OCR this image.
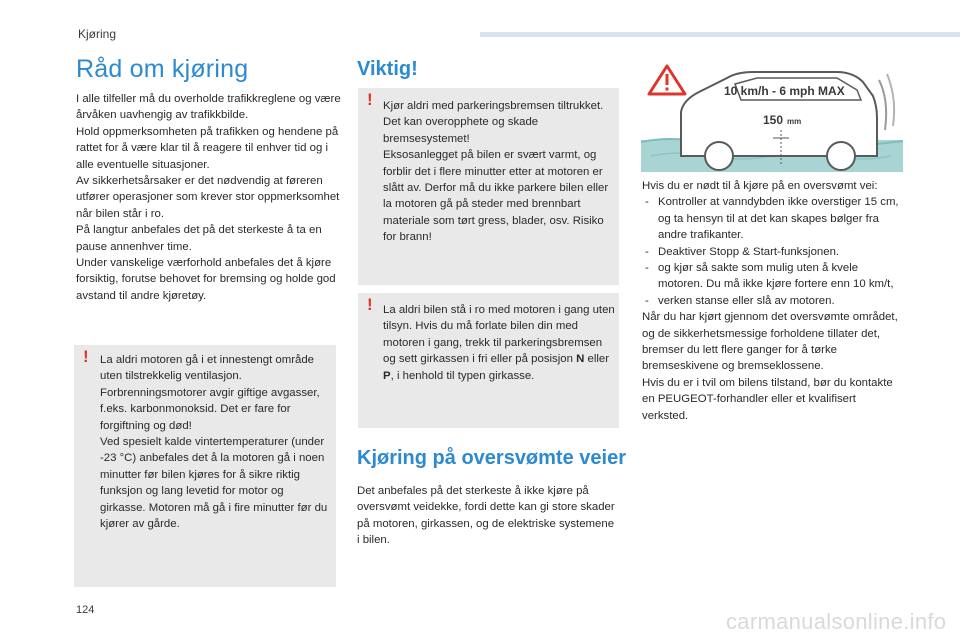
Kjøring
Råd om kjøring
I alle tilfeller må du overholde trafikkreglene og være årvåken uavhengig av trafikkbilde.
Hold oppmerksomheten på trafikken og hendene på rattet for å være klar til å reagere til enhver tid og i alle eventuelle situasjoner.
Av sikkerhetsårsaker er det nødvendig at føreren utfører operasjoner som krever stor oppmerksomhet når bilen står i ro.
På langtur anbefales det på det sterkeste å ta en pause annenhver time.
Under vanskelige værforhold anbefales det å kjøre forsiktig, forutse behovet for bremsing og holde god avstand til andre kjøretøy.
! La aldri motoren gå i et innestengt område uten tilstrekkelig ventilasjon. Forbrenningsmotorer avgir giftige avgasser, f.eks. karbonmonoksid. Det er fare for forgiftning og død!
Ved spesielt kalde vintertemperaturer (under -23 °C) anbefales det å la motoren gå i noen minutter før bilen kjøres for å sikre riktig funksjon og lang levetid for motor og girkasse. Motoren må gå i fire minutter før du kjører av gårde.
Viktig!
! Kjør aldri med parkeringsbremsen tiltrukket. Det kan overopphete og skade bremsesystemet!
Eksosanlegget på bilen er svært varmt, og forblir det i flere minutter etter at motoren er slått av. Derfor må du ikke parkere bilen eller la motoren gå på steder med brennbart materiale som tørt gress, blader, osv. Risiko for brann!
! La aldri bilen stå i ro med motoren i gang uten tilsyn. Hvis du må forlate bilen din med motoren i gang, trekk til parkeringsbremsen og sett girkassen i fri eller på posisjon N eller P, i henhold til typen girkasse.
Kjøring på oversvømte veier
Det anbefales på det sterkeste å ikke kjøre på oversvømt veidekke, fordi dette kan gi store skader på motoren, girkassen, og de elektriske systemene i bilen.
10 km/h - 6 mph MAX
150 mm
Hvis du er nødt til å kjøre på en oversvømt vei:
- Kontroller at vanndybden ikke overstiger 15 cm, og ta hensyn til at det kan skapes bølger fra andre trafikanter.
- Deaktiver Stopp & Start-funksjonen.
- og kjør så sakte som mulig uten å kvele motoren. Du må ikke kjøre fortere enn 10 km/t,
- verken stanse eller slå av motoren.
Når du har kjørt gjennom det oversvømte området, og de sikkerhetsmessige forholdene tillater det, bremser du lett flere ganger for å tørke bremseskivene og bremseklossene.
Hvis du er i tvil om bilens tilstand, bør du kontakte en PEUGEOT-forhandler eller et kvalifisert verksted.
124	carmanualsonline.info
